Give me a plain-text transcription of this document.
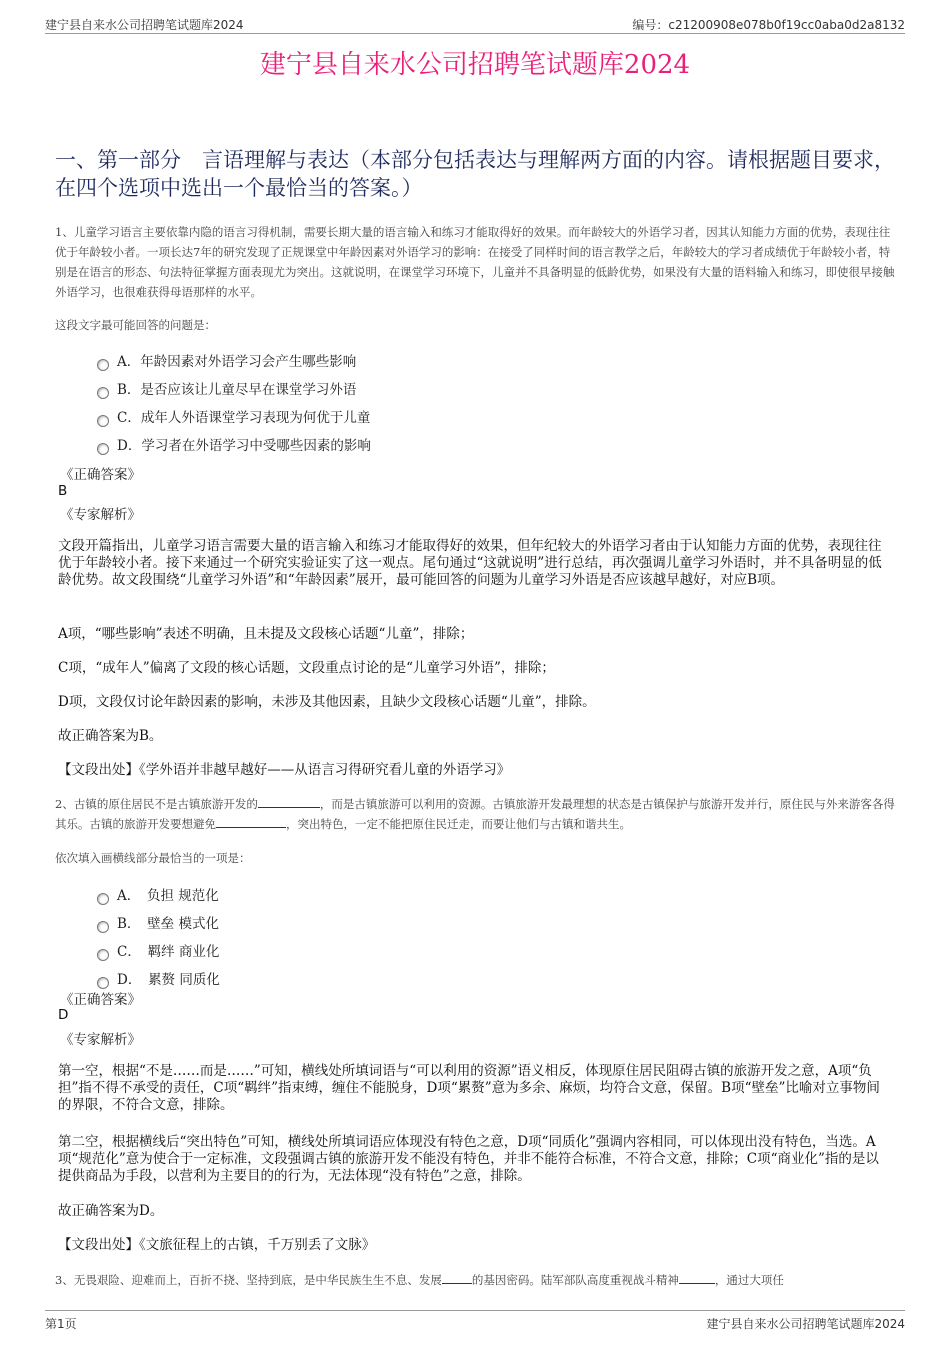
建宁县自来水公司招聘笔试题库2024	编号：c21200908e078b0f19cc0aba0d2a8132
建宁县自来水公司招聘笔试题库2024
一、第一部分　言语理解与表达（本部分包括表达与理解两方面的内容。请根据题目要求，在四个选项中选出一个最恰当的答案。）
1、儿童学习语言主要依靠内隐的语言习得机制，需要长期大量的语言输入和练习才能取得好的效果。而年龄较大的外语学习者，因其认知能力方面的优势，表现往往优于年龄较小者。一项长达7年的研究发现了正规课堂中年龄因素对外语学习的影响：在接受了同样时间的语言教学之后，年龄较大的学习者成绩优于年龄较小者，特别是在语言的形态、句法特征掌握方面表现尤为突出。这就说明，在课堂学习环境下，儿童并不具备明显的低龄优势，如果没有大量的语料输入和练习，即使很早接触外语学习，也很难获得母语那样的水平。
这段文字最可能回答的问题是：
A．年龄因素对外语学习会产生哪些影响
B．是否应该让儿童尽早在课堂学习外语
C．成年人外语课堂学习表现为何优于儿童
D．学习者在外语学习中受哪些因素的影响
《正确答案》
B
《专家解析》
文段开篇指出，儿童学习语言需要大量的语言输入和练习才能取得好的效果，但年纪较大的外语学习者由于认知能力方面的优势，表现往往优于年龄较小者。接下来通过一个研究实验证实了这一观点。尾句通过“这就说明”进行总结，再次强调儿童学习外语时，并不具备明显的低龄优势。故文段围绕“儿童学习外语”和“年龄因素”展开，最可能回答的问题为儿童学习外语是否应该越早越好，对应B项。
A项，“哪些影响”表述不明确，且未提及文段核心话题“儿童”，排除；
C项，“成年人”偏离了文段的核心话题，文段重点讨论的是“儿童学习外语”，排除；
D项，文段仅讨论年龄因素的影响，未涉及其他因素，且缺少文段核心话题“儿童”，排除。
故正确答案为B。
【文段出处】《学外语并非越早越好——从语言习得研究看儿童的外语学习》
2、古镇的原住居民不是古镇旅游开发的	，而是古镇旅游可以利用的资源。古镇旅游开发最理想的状态是古镇保护与旅游开发并行，原住民与外来游客各得其乐。古镇的旅游开发要想避免	，突出特色，一定不能把原住民迁走，而要让他们与古镇和谐共生。
依次填入画横线部分最恰当的一项是：
A．　负担 规范化
B．　壁垒 模式化
C．　羁绊 商业化
D．　累赘 同质化
《正确答案》
D
《专家解析》
第一空，根据“不是……而是……”可知，横线处所填词语与“可以利用的资源”语义相反，体现原住居民阻碍古镇的旅游开发之意，A项“负担”指不得不承受的责任，C项“羁绊”指束缚，缠住不能脱身，D项“累赘”意为多余、麻烦，均符合文意，保留。B项“壁垒”比喻对立事物间的界限，不符合文意，排除。
第二空，根据横线后“突出特色”可知，横线处所填词语应体现没有特色之意，D项“同质化”强调内容相同，可以体现出没有特色，当选。A项“规范化”意为使合于一定标准，文段强调古镇的旅游开发不能没有特色，并非不能符合标准，不符合文意，排除；C项“商业化”指的是以提供商品为手段，以营利为主要目的的行为，无法体现“没有特色”之意，排除。
故正确答案为D。
【文段出处】《文旅征程上的古镇，千万别丢了文脉》
3、无畏艰险、迎难而上，百折不挠、坚持到底，是中华民族生生不息、发展	的基因密码。陆军部队高度重视战斗精神	，通过大项任
第1页	建宁县自来水公司招聘笔试题库2024
